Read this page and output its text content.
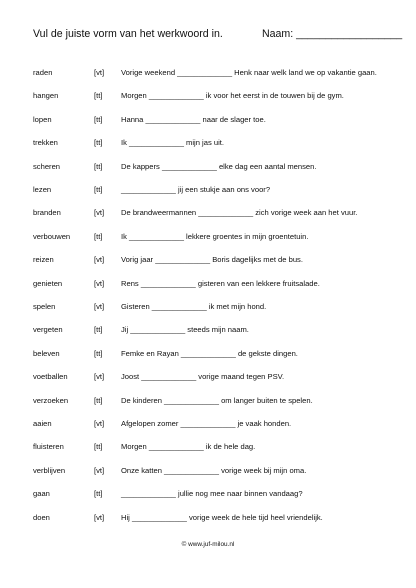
Vul de juiste vorm van het werkwoord in.	Naam: __________________
raden	[vt] Vorige weekend _____________ Henk naar welk land we op vakantie gaan.
hangen	[tt] Morgen _____________ ik voor het eerst in de touwen bij de gym.
lopen	[tt] Hanna _____________ naar de slager toe.
trekken	[tt] Ik _____________ mijn jas uit.
scheren	[tt] De kappers _____________ elke dag een aantal mensen.
lezen	[tt] _____________ jij een stukje aan ons voor?
branden	[vt] De brandweermannen _____________ zich vorige week aan het vuur.
verbouwen	[tt] Ik _____________ lekkere groentes in mijn groentetuin.
reizen	[vt] Vorig jaar _____________ Boris dagelijks met de bus.
genieten	[vt] Rens _____________ gisteren van een lekkere fruitsalade.
spelen	[vt] Gisteren _____________ ik met mijn hond.
vergeten	[tt] Jij _____________ steeds mijn naam.
beleven	[tt] Femke en Rayan _____________ de gekste dingen.
voetballen	[vt] Joost _____________ vorige maand tegen PSV.
verzoeken	[tt] De kinderen _____________ om langer buiten te spelen.
aaien	[vt] Afgelopen zomer _____________ je vaak honden.
fluisteren	[tt] Morgen _____________ ik de hele dag.
verblijven	[vt] Onze katten _____________ vorige week bij mijn oma.
gaan	[tt] _____________ jullie nog mee naar binnen vandaag?
doen	[vt] Hij _____________ vorige week de hele tijd heel vriendelijk.
© www.juf-milou.nl
